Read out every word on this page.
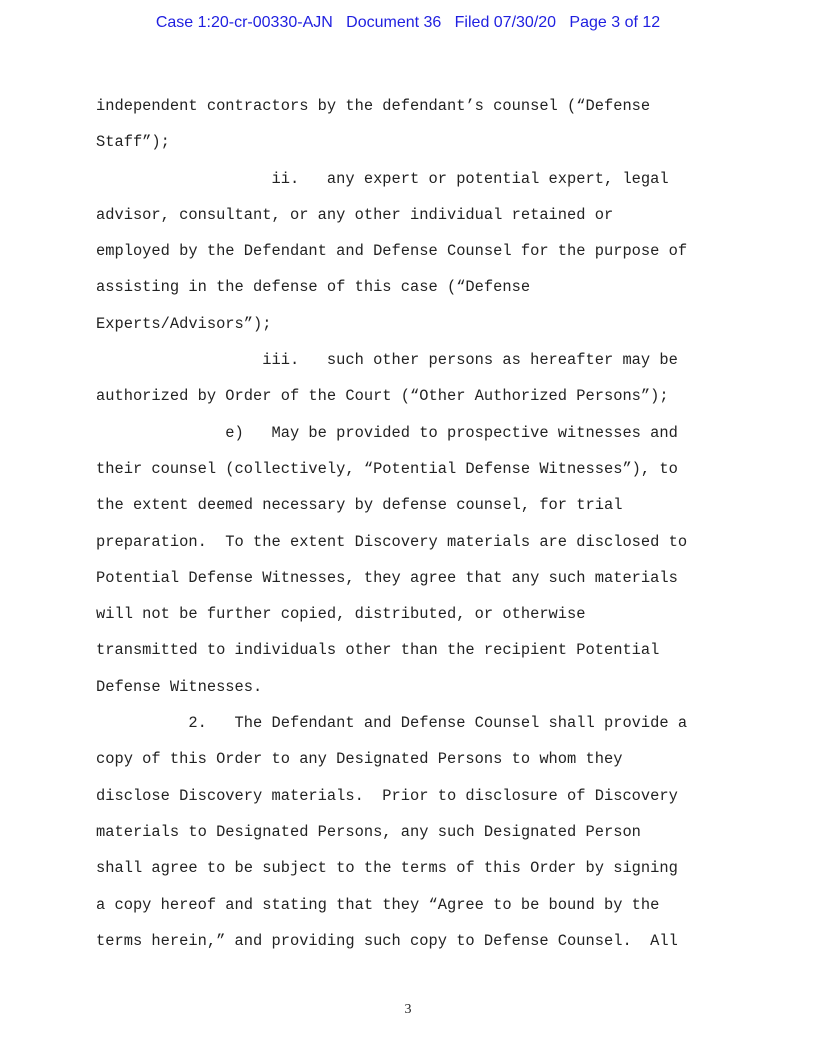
Case 1:20-cr-00330-AJN Document 36 Filed 07/30/20 Page 3 of 12
independent contractors by the defendant’s counsel (“Defense
Staff”);
ii.   any expert or potential expert, legal
advisor, consultant, or any other individual retained or
employed by the Defendant and Defense Counsel for the purpose of
assisting in the defense of this case (“Defense
Experts/Advisors”);
iii.   such other persons as hereafter may be
authorized by Order of the Court (“Other Authorized Persons”);
e)   May be provided to prospective witnesses and
their counsel (collectively, “Potential Defense Witnesses”), to
the extent deemed necessary by defense counsel, for trial
preparation.  To the extent Discovery materials are disclosed to
Potential Defense Witnesses, they agree that any such materials
will not be further copied, distributed, or otherwise
transmitted to individuals other than the recipient Potential
Defense Witnesses.
2.   The Defendant and Defense Counsel shall provide a
copy of this Order to any Designated Persons to whom they
disclose Discovery materials.  Prior to disclosure of Discovery
materials to Designated Persons, any such Designated Person
shall agree to be subject to the terms of this Order by signing
a copy hereof and stating that they “Agree to be bound by the
terms herein,” and providing such copy to Defense Counsel.  All
3
